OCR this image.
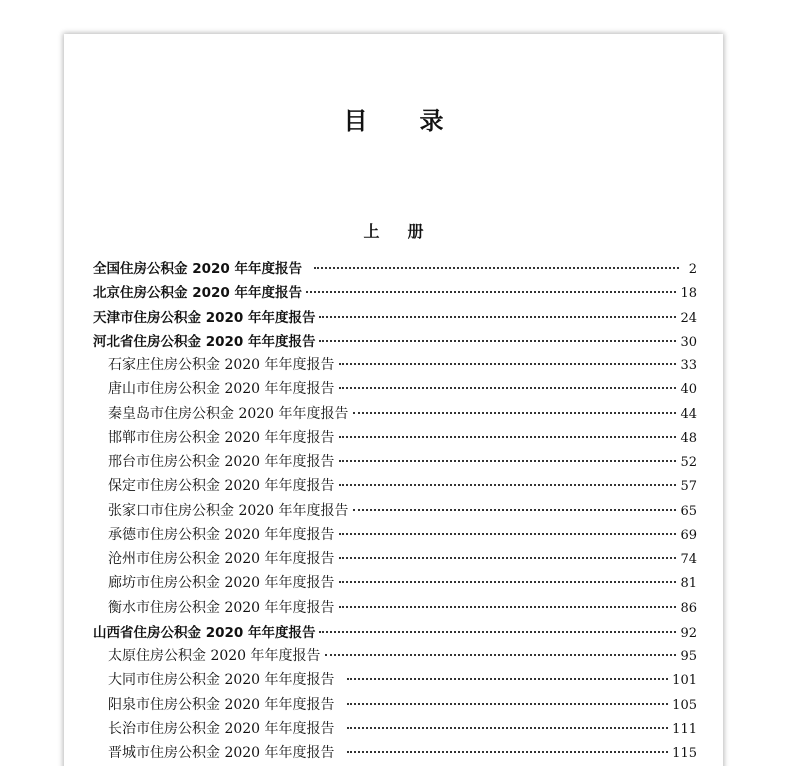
目录
上册
全国住房公积金 2020 年年度报告	2
北京住房公积金 2020 年年度报告	18
天津市住房公积金 2020 年年度报告	24
河北省住房公积金 2020 年年度报告	30
石家庄住房公积金 2020 年年度报告	33
唐山市住房公积金 2020 年年度报告	40
秦皇岛市住房公积金 2020 年年度报告	44
邯郸市住房公积金 2020 年年度报告	48
邢台市住房公积金 2020 年年度报告	52
保定市住房公积金 2020 年年度报告	57
张家口市住房公积金 2020 年年度报告	65
承德市住房公积金 2020 年年度报告	69
沧州市住房公积金 2020 年年度报告	74
廊坊市住房公积金 2020 年年度报告	81
衡水市住房公积金 2020 年年度报告	86
山西省住房公积金 2020 年年度报告	92
太原住房公积金 2020 年年度报告	95
大同市住房公积金 2020 年年度报告	101
阳泉市住房公积金 2020 年年度报告	105
长治市住房公积金 2020 年年度报告	111
晋城市住房公积金 2020 年年度报告	115
